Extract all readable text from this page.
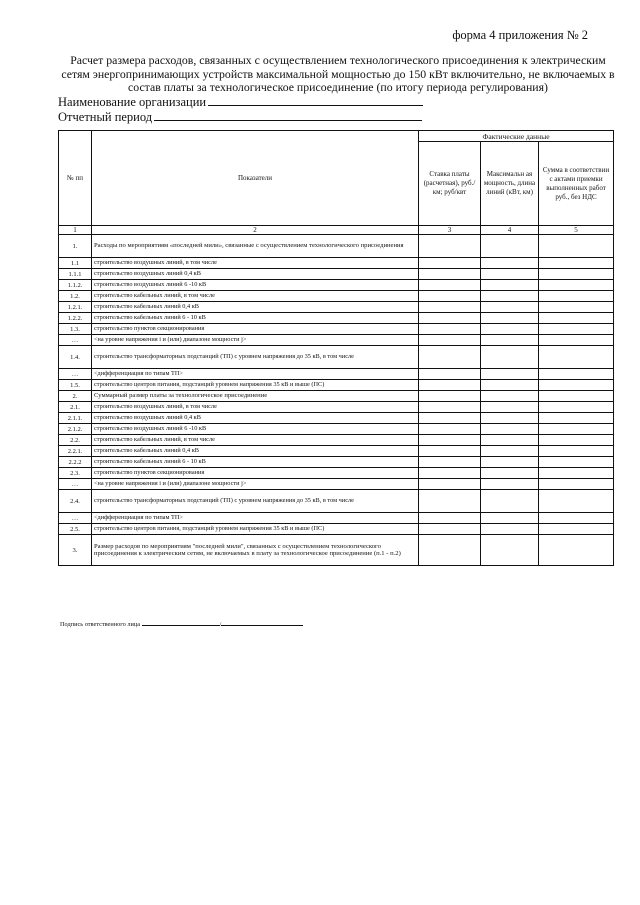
форма 4 приложения № 2
Расчет размера расходов, связанных с осуществлением технологического присоединения к электрическим сетям энергопринимающих устройств максимальной мощностью до 150 кВт включительно, не включаемых в состав платы за технологическое присоединение (по итогу периода регулирования)
Наименование организации
Отчетный период
№ пп	Показатели	Фактические данные		
		Ставка платы (расчетная), руб./км; руб/квт	Максимальн ая мощность, длина линий (кВт, км)	Сумма в соответствии с актами приемки выполненных работ руб., без НДС
1	2	3	4	5
1.	Расходы по мероприятиям «последней мили», связанные с осуществлением технологического присоединения			
1.1	строительство воздушных линий, в том числе			
1.1.1	строительство воздушных линий 0,4 кВ			
1.1.2.	строительство воздушных линий 6 -10 кВ			
1.2.	строительство кабельных линий, в том числе			
1.2.1.	строительство кабельных линий 0,4 кВ			
1.2.2.	строительство кабельных линий 6 - 10 кВ			
1.3.	строительство пунктов секционирования			
…	<на уровне напряжения i и (или) диапазоне мощности j>			
1.4.	строительство трансформаторных подстанций (ТП) с уровнем напряжения до 35 кВ, в том числе			
…	<дифференциация по типам ТП>			
1.5.	строительство центров питания, подстанций уровнем напряжения 35 кВ и выше (ПС)			
2.	Суммарный размер платы за технологическое присоединение			
2.1.	строительство воздушных линий, в том числе			
2.1.1.	строительство воздушных линий 0,4 кВ			
2.1.2.	строительство воздушных линий 6 -10 кВ			
2.2.	строительство кабельных линий, в том числе			
2.2.1.	строительство кабельных линий 0,4 кВ			
2.2.2	строительство кабельных линий 6 - 10 кВ			
2.3.	строительство пунктов секционирования			
…	<на уровне напряжения i и (или) диапазоне мощности j>			
2.4.	строительство трансформаторных подстанций (ТП) с уровнем напряжения до 35 кВ, в том числе			
…	<дифференциация по типам ТП>			
2.5.	строительство центров питания, подстанций уровнем напряжения 35 кВ и выше (ПС)			
3.	Размер расходов по мероприятиям "последней мили", связанных с осуществлением технологического присоединения к электрическим сетям, не включаемых в плату за технологическое присоединение (п.1 - п.2)			
Подпись ответственного лица	/
